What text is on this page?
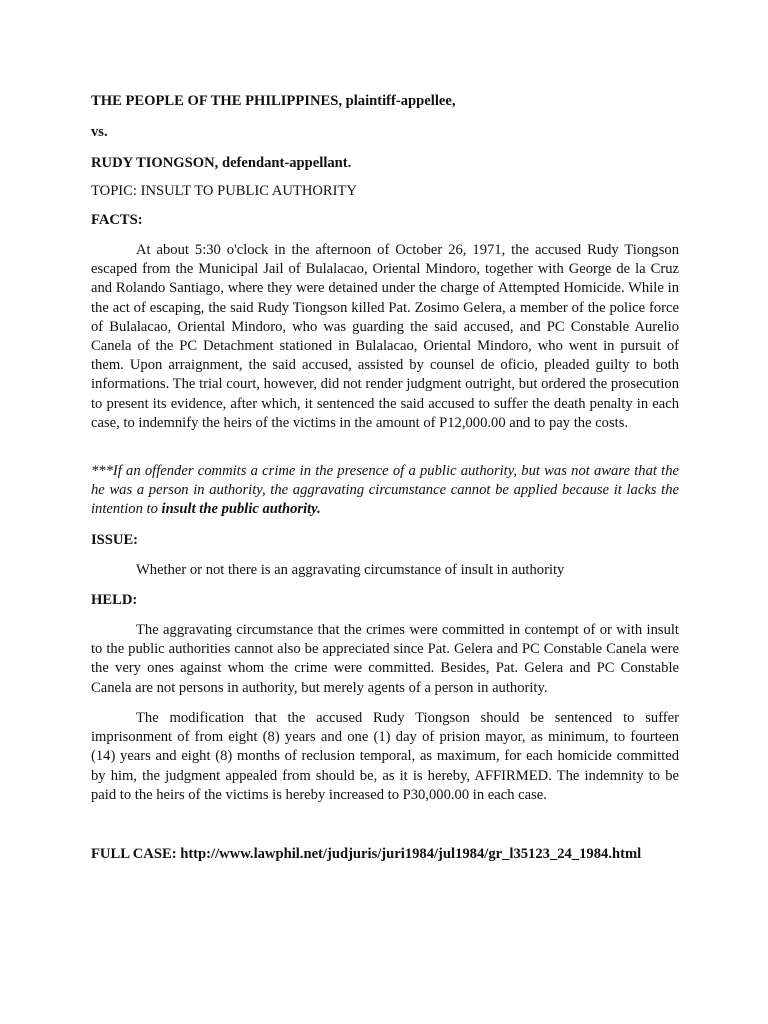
THE PEOPLE OF THE PHILIPPINES, plaintiff-appellee,
vs.
RUDY TIONGSON, defendant-appellant.
TOPIC: INSULT TO PUBLIC AUTHORITY
FACTS:

At about 5:30 o'clock in the afternoon of October 26, 1971, the accused Rudy Tiongson escaped from the Municipal Jail of Bulalacao, Oriental Mindoro, together with George de la Cruz and Rolando Santiago, where they were detained under the charge of Attempted Homicide. While in the act of escaping, the said Rudy Tiongson killed Pat. Zosimo Gelera, a member of the police force of Bulalacao, Oriental Mindoro, who was guarding the said accused, and PC Constable Aurelio Canela of the PC Detachment stationed in Bulalacao, Oriental Mindoro, who went in pursuit of them. Upon arraignment, the said accused, assisted by counsel de oficio, pleaded guilty to both informations. The trial court, however, did not render judgment outright, but ordered the prosecution to present its evidence, after which, it sentenced the said accused to suffer the death penalty in each case, to indemnify the heirs of the victims in the amount of P12,000.00 and to pay the costs.

***If an offender commits a crime in the presence of a public authority, but was not aware that the he was a person in authority, the aggravating circumstance cannot be applied because it lacks the intention to insult the public authority.

ISSUE:
Whether or not there is an aggravating circumstance of insult in authority
HELD:

The aggravating circumstance that the crimes were committed in contempt of or with insult to the public authorities cannot also be appreciated since Pat. Gelera and PC Constable Canela were the very ones against whom the crime were committed. Besides, Pat. Gelera and PC Constable Canela are not persons in authority, but merely agents of a person in authority.

The modification that the accused Rudy Tiongson should be sentenced to suffer imprisonment of from eight (8) years and one (1) day of prision mayor, as minimum, to fourteen (14) years and eight (8) months of reclusion temporal, as maximum, for each homicide committed by him, the judgment appealed from should be, as it is hereby, AFFIRMED. The indemnity to be paid to the heirs of the victims is hereby increased to P30,000.00 in each case.

FULL CASE: http://www.lawphil.net/judjuris/juri1984/jul1984/gr_l35123_24_1984.html
